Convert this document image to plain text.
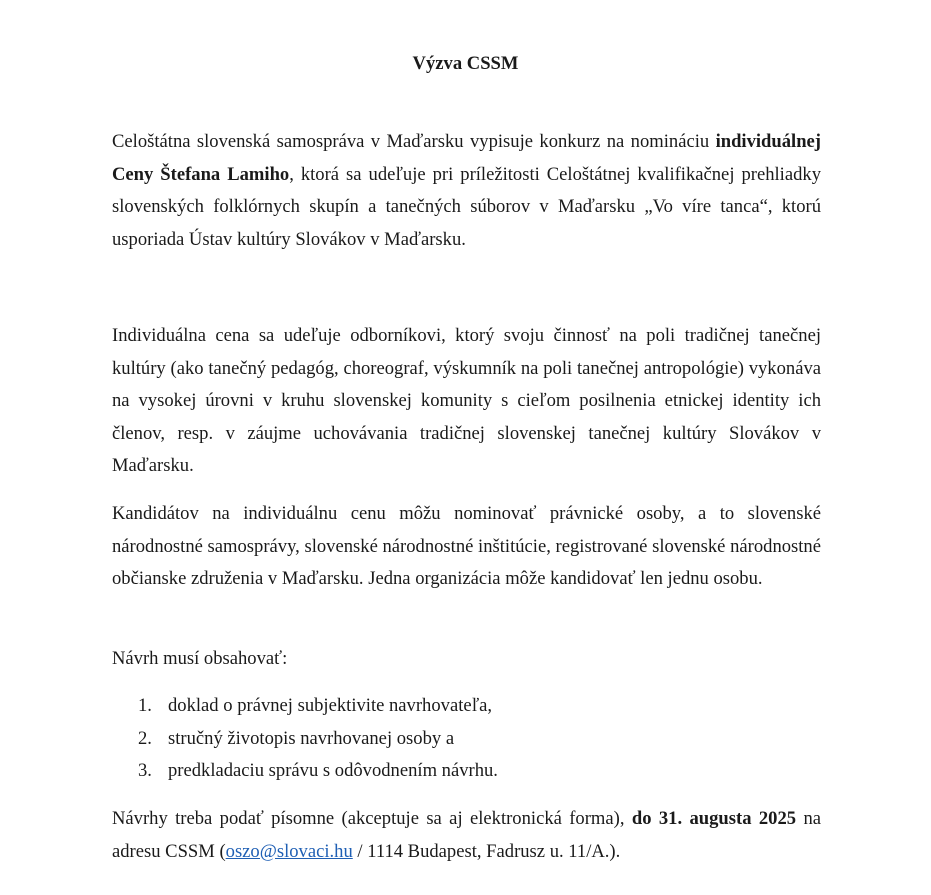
Výzva CSSM

Celoštátna slovenská samospráva v Maďarsku vypisuje konkurz na nomináciu individuálnej Ceny Štefana Lamiho, ktorá sa udeľuje pri príležitosti Celoštátnej kvalifikačnej prehliadky slovenských folklórnych skupín a tanečných súborov v Maďarsku „Vo víre tanca“, ktorú usporiada Ústav kultúry Slovákov v Maďarsku.

Individuálna cena sa udeľuje odborníkovi, ktorý svoju činnosť na poli tradičnej tanečnej kultúry (ako tanečný pedagóg, choreograf, výskumník na poli tanečnej antropológie) vykonáva na vysokej úrovni v kruhu slovenskej komunity s cieľom posilnenia etnickej identity ich členov, resp. v záujme uchovávania tradičnej slovenskej tanečnej kultúry Slovákov v Maďarsku.

Kandidátov na individuálnu cenu môžu nominovať právnické osoby, a to slovenské národnostné samosprávy, slovenské národnostné inštitúcie, registrované slovenské národnostné občianske združenia v Maďarsku. Jedna organizácia môže kandidovať len jednu osobu.

Návrh musí obsahovať:

1. doklad o právnej subjektivite navrhovateľa,
2. stručný životopis navrhovanej osoby a
3. predkladaciu správu s odôvodnením návrhu.

Návrhy treba podať písomne (akceptuje sa aj elektronická forma), do 31. augusta 2025 na adresu CSSM (oszo@slovaci.hu / 1114 Budapest, Fadrusz u. 11/A.).
